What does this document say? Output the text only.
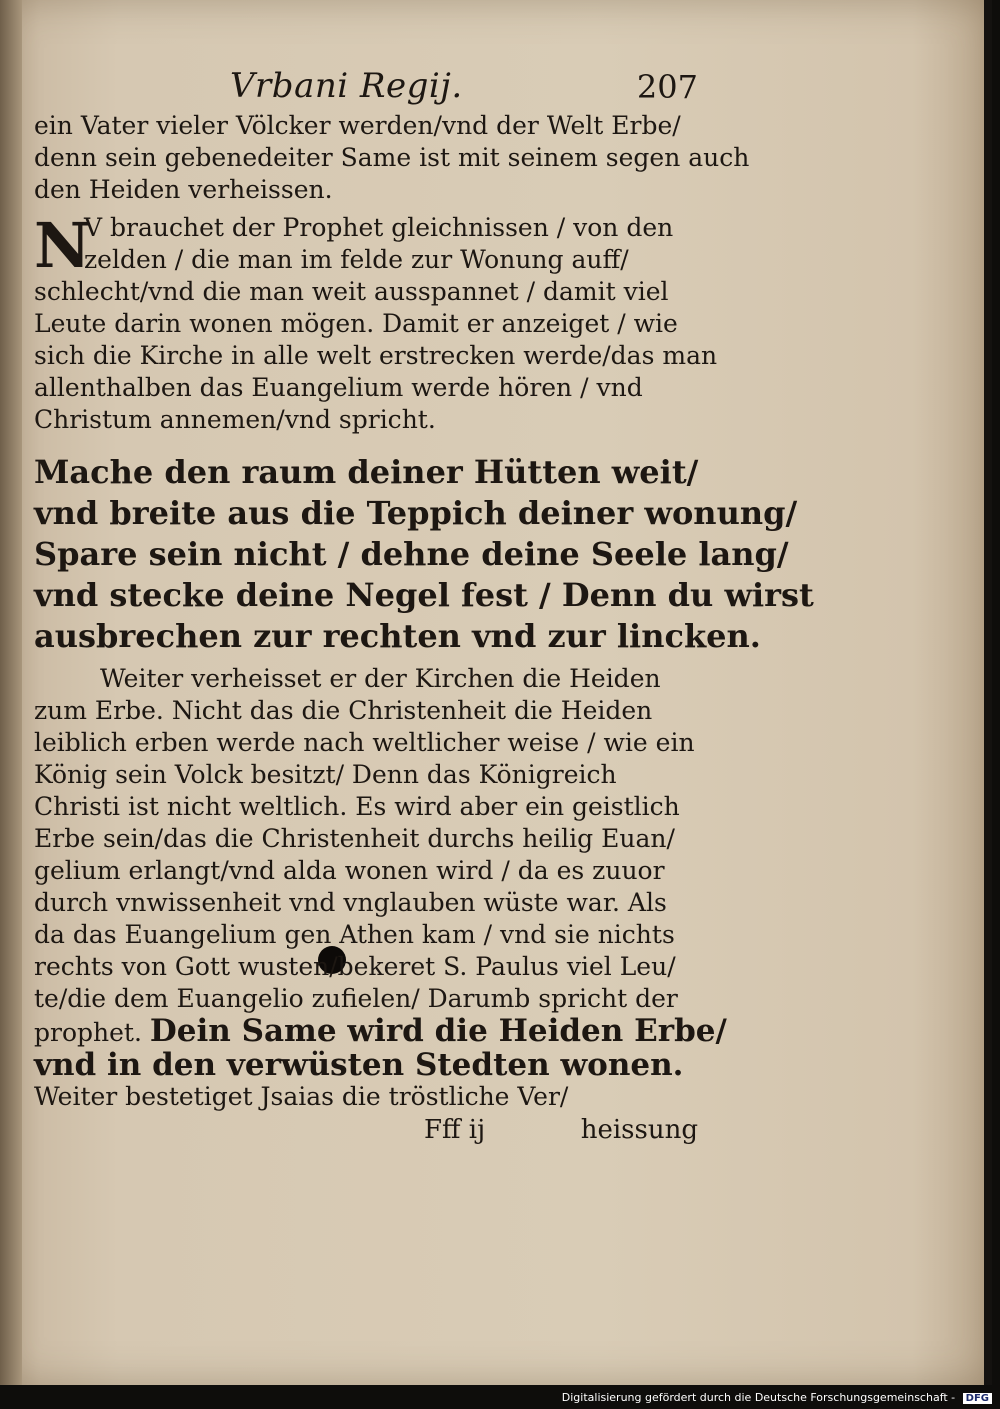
Vrbani Regij.	207

ein Vater vieler Völcker werden/vnd der Welt Erbe/
denn sein gebenedeiter Same ist mit seinem segen auch
den Heiden verheissen.

N
V brauchet der Prophet gleichnissen / von den
zelden / die man im felde zur Wonung auff/
schlecht/vnd die man weit ausspannet / damit viel
Leute darin wonen mögen. Damit er anzeiget / wie
sich die Kirche in alle welt erstrecken werde/das man
allenthalben das Euangelium werde hören / vnd
Christum annemen/vnd spricht.

Mache den raum deiner Hütten weit/
vnd breite aus die Teppich deiner wonung/
Spare sein nicht / dehne deine Seele lang/
vnd stecke deine Negel fest / Denn du wirst
ausbrechen zur rechten vnd zur lincken.

Weiter verheisset er der Kirchen die Heiden
zum Erbe. Nicht das die Christenheit die Heiden
leiblich erben werde nach weltlicher weise / wie ein
König sein Volck besitzt/ Denn das Königreich
Christi ist nicht weltlich. Es wird aber ein geistlich
Erbe sein/das die Christenheit durchs heilig Euan/
gelium erlangt/vnd alda wonen wird / da es zuuor
durch vnwissenheit vnd vnglauben wüste war. Als
da das Euangelium gen Athen kam / vnd sie nichts
rechts von Gott wusten/bekeret S. Paulus viel Leu/
te/die dem Euangelio zufielen/ Darumb spricht der
prophet. Dein Same wird die Heiden Erbe/
vnd in den verwüsten Stedten wonen.
Weiter bestetiget Jsaias die tröstliche Ver/

Fff ij	heissung
Digitalisierung gefördert durch die Deutsche Forschungsgemeinschaft - DFG
